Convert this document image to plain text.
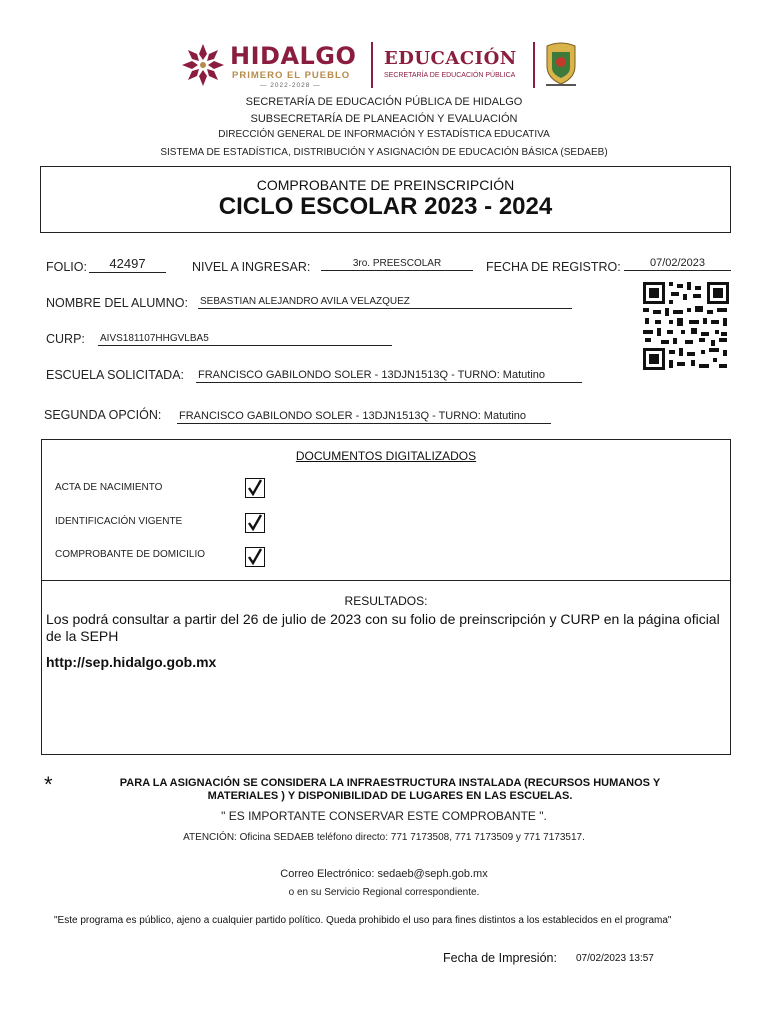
HIDALGO
PRIMERO EL PUEBLO
— 2022-2028 —
EDUCACIÓN
SECRETARÍA DE EDUCACIÓN PÚBLICA
SECRETARÍA DE EDUCACIÓN PÚBLICA DE HIDALGO
SUBSECRETARÍA DE PLANEACIÓN Y EVALUACIÓN
DIRECCIÓN GENERAL DE INFORMACIÓN Y ESTADÍSTICA EDUCATIVA
SISTEMA DE ESTADÍSTICA, DISTRIBUCIÓN Y ASIGNACIÓN DE EDUCACIÓN BÁSICA (SEDAEB)
COMPROBANTE DE PREINSCRIPCIÓN
CICLO ESCOLAR 2023 - 2024
FOLIO:	42497	NIVEL A INGRESAR:	3ro. PREESCOLAR	FECHA DE REGISTRO:	07/02/2023
NOMBRE DEL ALUMNO: SEBASTIAN ALEJANDRO AVILA VELAZQUEZ
CURP: AIVS181107HHGVLBA5
ESCUELA SOLICITADA: FRANCISCO GABILONDO SOLER - 13DJN1513Q - TURNO: Matutino
SEGUNDA OPCIÓN: FRANCISCO GABILONDO SOLER - 13DJN1513Q - TURNO: Matutino
DOCUMENTOS DIGITALIZADOS
ACTA DE NACIMIENTO
IDENTIFICACIÓN VIGENTE
COMPROBANTE DE DOMICILIO
RESULTADOS:
Los podrá consultar a partir del 26 de julio de 2023 con su folio de preinscripción y CURP en la página oficial de la SEPH
http://sep.hidalgo.gob.mx
*	PARA LA ASIGNACIÓN SE CONSIDERA LA INFRAESTRUCTURA INSTALADA (RECURSOS HUMANOS Y MATERIALES ) Y DISPONIBILIDAD DE LUGARES EN LAS ESCUELAS.
" ES IMPORTANTE CONSERVAR ESTE COMPROBANTE ".
ATENCIÓN: Oficina SEDAEB teléfono directo: 771 7173508, 771 7173509 y 771 7173517.
Correo Electrónico: sedaeb@seph.gob.mx
o en su Servicio Regional correspondiente.
"Este programa es público, ajeno a cualquier partido político. Queda prohibido el uso para fines distintos a los establecidos en el programa"
Fecha de Impresión: 07/02/2023 13:57
